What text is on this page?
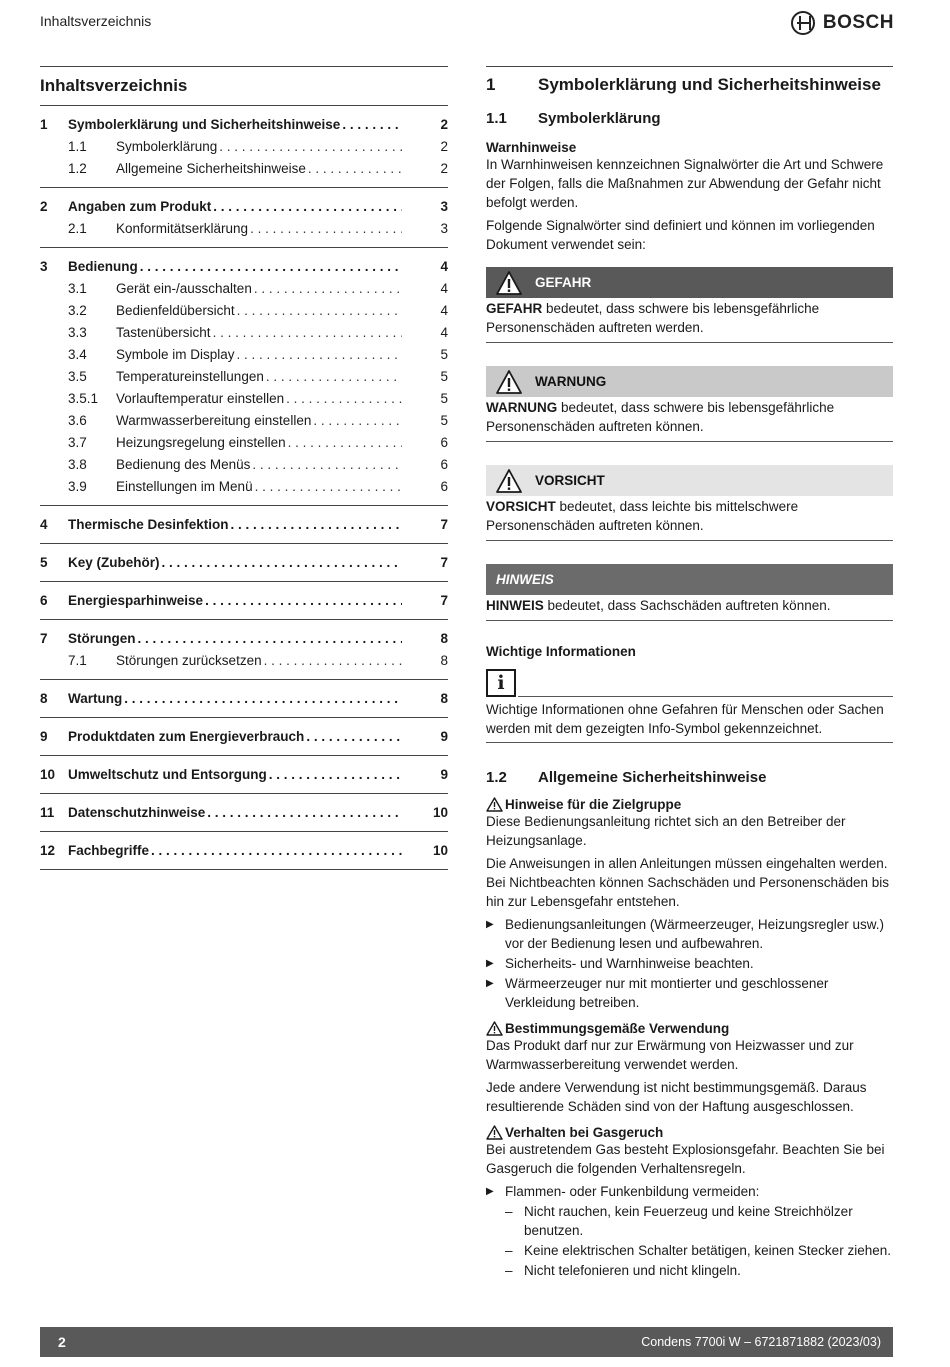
Inhaltsverzeichnis	BOSCH
Inhaltsverzeichnis
1	Symbolerklärung und Sicherheitshinweise . . .	2
1.1	Symbolerklärung . . .	2
1.2	Allgemeine Sicherheitshinweise . . .	2
2	Angaben zum Produkt . . .	3
2.1	Konformitätserklärung . . .	3
3	Bedienung . . .	4
3.1	Gerät ein-/ausschalten . . .	4
3.2	Bedienfeldübersicht . . .	4
3.3	Tastenübersicht . . .	4
3.4	Symbole im Display . . .	5
3.5	Temperatureinstellungen . . .	5
3.5.1	Vorlauftemperatur einstellen . . .	5
3.6	Warmwasserbereitung einstellen . . .	5
3.7	Heizungsregelung einstellen . . .	6
3.8	Bedienung des Menüs . . .	6
3.9	Einstellungen im Menü . . .	6
4	Thermische Desinfektion . . .	7
5	Key (Zubehör) . . .	7
6	Energiesparhinweise . . .	7
7	Störungen . . .	8
7.1	Störungen zurücksetzen . . .	8
8	Wartung . . .	8
9	Produktdaten zum Energieverbrauch . . .	9
10 Umweltschutz und Entsorgung . . .	9
11	Datenschutzhinweise . . .	10
12 Fachbegriffe . . .	10
1	Symbolerklärung und Sicherheitshinweise
1.1	Symbolerklärung
Warnhinweise
In Warnhinweisen kennzeichnen Signalwörter die Art und Schwere der Folgen, falls die Maßnahmen zur Abwendung der Gefahr nicht befolgt werden.
Folgende Signalwörter sind definiert und können im vorliegenden Dokument verwendet sein:
GEFAHR
GEFAHR bedeutet, dass schwere bis lebensgefährliche Personenschäden auftreten werden.
WARNUNG
WARNUNG bedeutet, dass schwere bis lebensgefährliche Personenschäden auftreten können.
VORSICHT
VORSICHT bedeutet, dass leichte bis mittelschwere Personenschäden auftreten können.
HINWEIS
HINWEIS bedeutet, dass Sachschäden auftreten können.
Wichtige Informationen
i
Wichtige Informationen ohne Gefahren für Menschen oder Sachen werden mit dem gezeigten Info-Symbol gekennzeichnet.
1.2	Allgemeine Sicherheitshinweise
Hinweise für die Zielgruppe
Diese Bedienungsanleitung richtet sich an den Betreiber der Heizungsanlage.
Die Anweisungen in allen Anleitungen müssen eingehalten werden. Bei Nichtbeachten können Sachschäden und Personenschäden bis hin zur Lebensgefahr entstehen.
▶ Bedienungsanleitungen (Wärmeerzeuger, Heizungsregler usw.) vor der Bedienung lesen und aufbewahren.
▶ Sicherheits- und Warnhinweise beachten.
▶ Wärmeerzeuger nur mit montierter und geschlossener Verkleidung betreiben.
Bestimmungsgemäße Verwendung
Das Produkt darf nur zur Erwärmung von Heizwasser und zur Warmwasserbereitung verwendet werden.
Jede andere Verwendung ist nicht bestimmungsgemäß. Daraus resultierende Schäden sind von der Haftung ausgeschlossen.
Verhalten bei Gasgeruch
Bei austretendem Gas besteht Explosionsgefahr. Beachten Sie bei Gasgeruch die folgenden Verhaltensregeln.
▶ Flammen- oder Funkenbildung vermeiden:
– Nicht rauchen, kein Feuerzeug und keine Streichhölzer benutzen.
– Keine elektrischen Schalter betätigen, keinen Stecker ziehen.
– Nicht telefonieren und nicht klingeln.
2	Condens 7700i W – 6721871882 (2023/03)
